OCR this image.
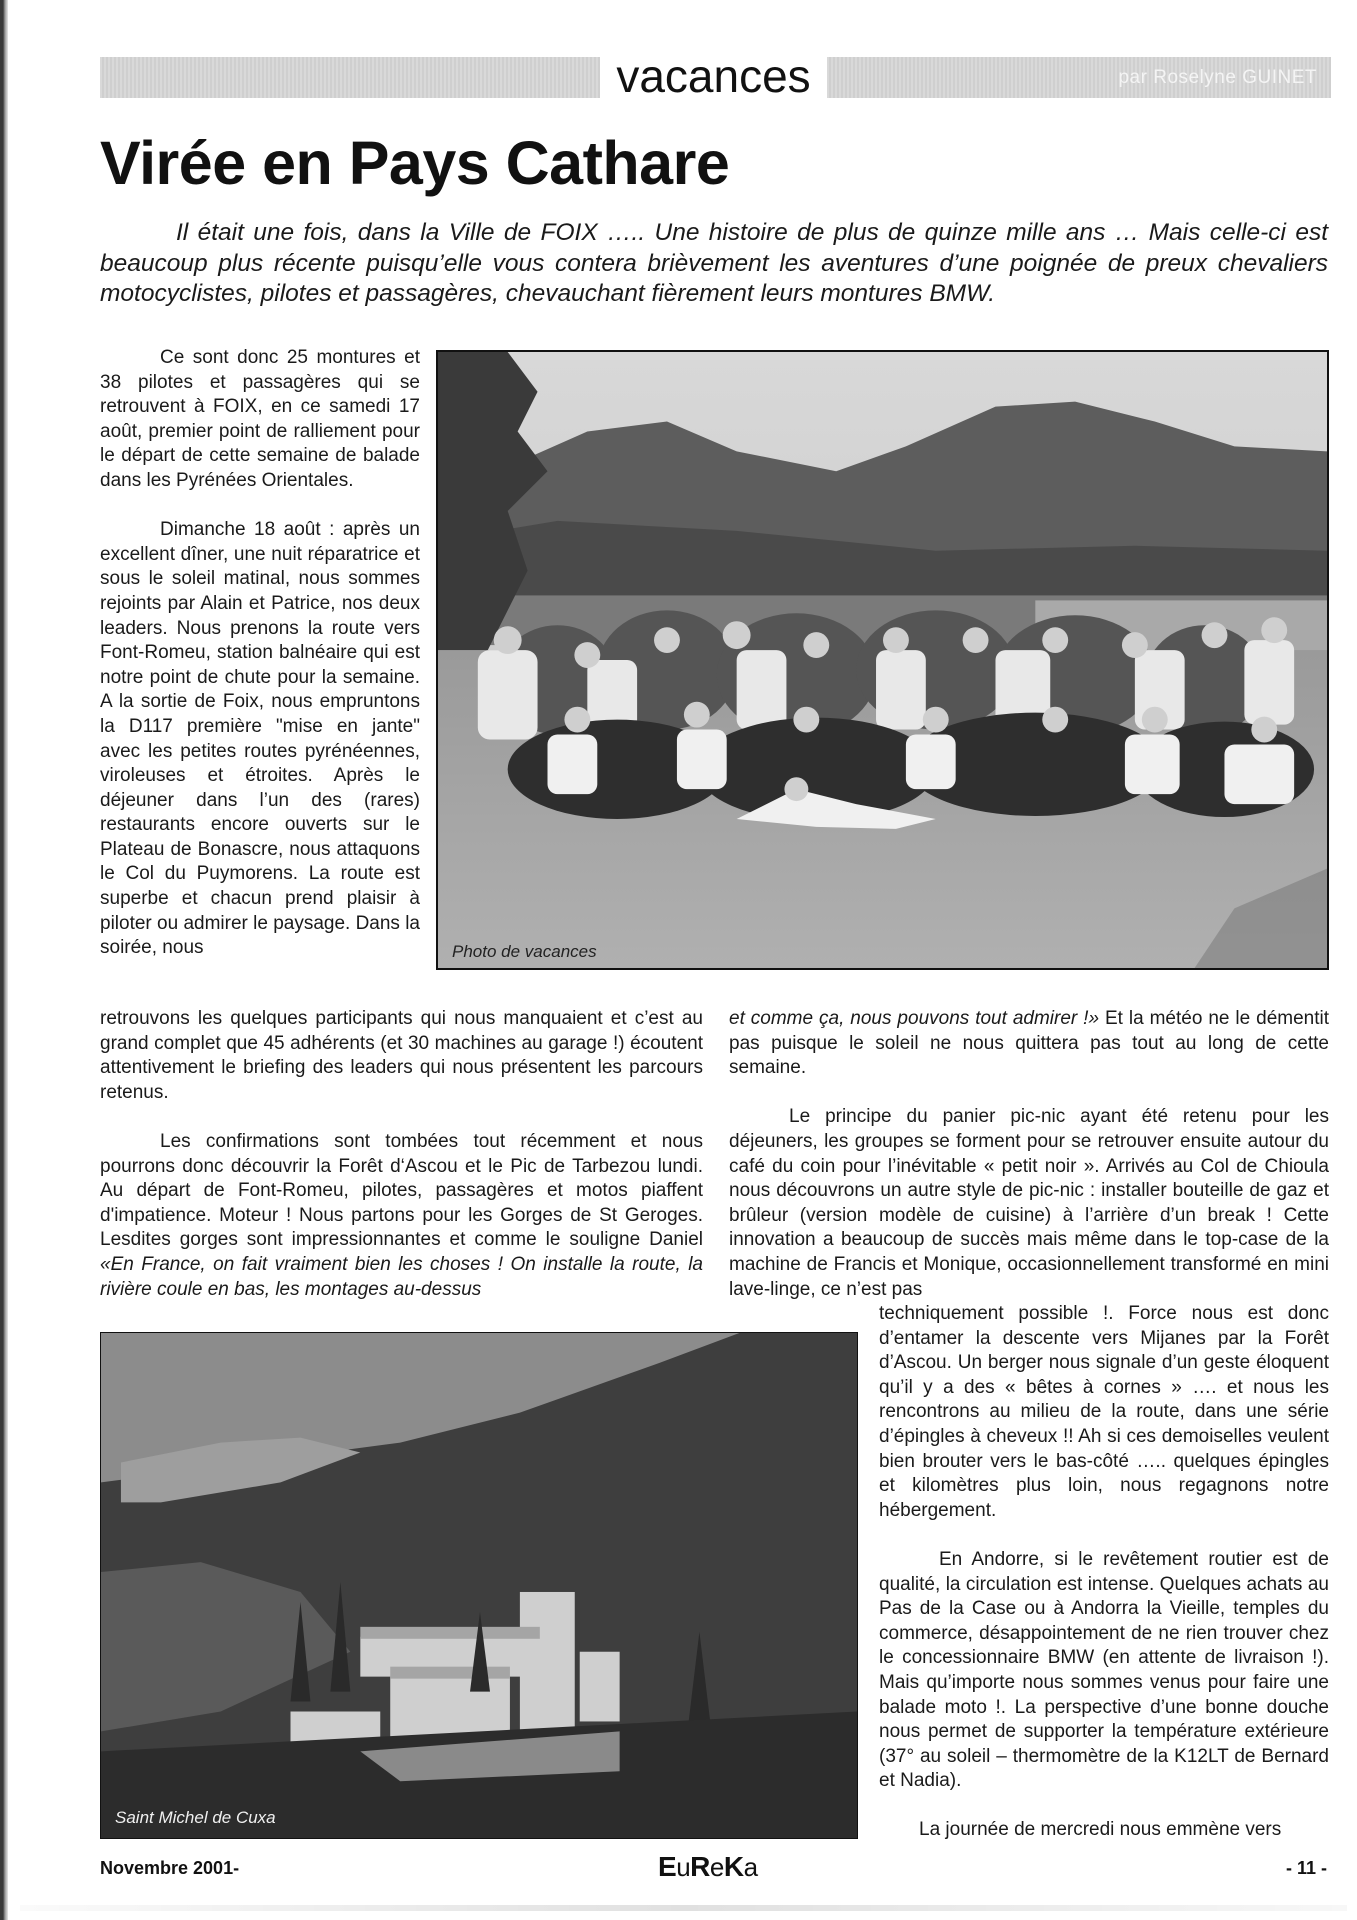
vacances	par Roselyne GUINET
Virée en Pays Cathare

Il était une fois, dans la Ville de FOIX ….. Une histoire de plus de quinze mille ans … Mais celle-ci est beaucoup plus récente puisqu’elle vous contera brièvement les aventures d’une poignée de preux chevaliers motocyclistes, pilotes et passagères, chevauchant fièrement leurs montures BMW.

Ce sont donc 25 montures et 38 pilotes et passagères qui se retrouvent à FOIX, en ce samedi 17 août, premier point de ralliement pour le départ de cette semaine de balade dans les Pyrénées Orientales.

Dimanche 18 août : après un excellent dîner, une nuit réparatrice et sous le soleil matinal, nous sommes rejoints par Alain et Patrice, nos deux leaders. Nous prenons la route vers Font-Romeu, station balnéaire qui est notre point de chute pour la semaine. A la sortie de Foix, nous empruntons la D117 première "mise en jante" avec les petites routes pyrénéennes, viroleuses et étroites. Après le déjeuner dans l’un des (rares) restaurants encore ouverts sur le Plateau de Bonascre, nous attaquons le Col du Puymorens. La route est superbe et chacun prend plaisir à piloter ou admirer le paysage. Dans la soirée, nous	Photo de vacances

retrouvons les quelques participants qui nous manquaient et c’est au grand complet que 45 adhérents (et 30 machines au garage !) écoutent attentivement le briefing des leaders qui nous présentent les parcours retenus.

Les confirmations sont tombées tout récemment et nous pourrons donc découvrir la Forêt d‘Ascou et le Pic de Tarbezou lundi. Au départ de Font-Romeu, pilotes, passagères et motos piaffent d'impatience. Moteur ! Nous partons pour les Gorges de St Geroges. Lesdites gorges sont impressionnantes et comme le souligne Daniel «En France, on fait vraiment bien les choses ! On installe la route, la rivière coule en bas, les montages au-dessus

et comme ça, nous pouvons tout admirer !» Et la météo ne le démentit pas puisque le soleil ne nous quittera pas tout au long de cette semaine.

Le principe du panier pic-nic ayant été retenu pour les déjeuners, les groupes se forment pour se retrouver ensuite autour du café du coin pour l’inévitable « petit noir ». Arrivés au Col de Chioula nous découvrons un autre style de pic-nic : installer bouteille de gaz et brûleur (version modèle de cuisine) à l’arrière d’un break ! Cette innovation a beaucoup de succès mais même dans le top-case de la machine de Francis et Monique, occasionnellement transformé en mini lave-linge, ce n’est pas

Saint Michel de Cuxa

techniquement possible !. Force nous est donc d’entamer la descente vers Mijanes par la Forêt d’Ascou. Un berger nous signale d’un geste éloquent qu’il y a des « bêtes à cornes » …. et nous les rencontrons au milieu de la route, dans une série d’épingles à cheveux !! Ah si ces demoiselles veulent bien brouter vers le bas-côté ….. quelques épingles et kilomètres plus loin, nous regagnons notre hébergement.

En Andorre, si le revêtement routier est de qualité, la circulation est intense. Quelques achats au Pas de la Case ou à Andorra la Vieille, temples du commerce, désappointement de ne rien trouver chez le concessionnaire BMW (en attente de livraison !). Mais qu’importe nous sommes venus pour faire une balade moto !. La perspective d’une bonne douche nous permet de supporter la température extérieure (37° au soleil – thermomètre de la K12LT de Bernard et Nadia).

La journée de mercredi nous emmène vers

Novembre 2001-	EuReKa	- 11 -
